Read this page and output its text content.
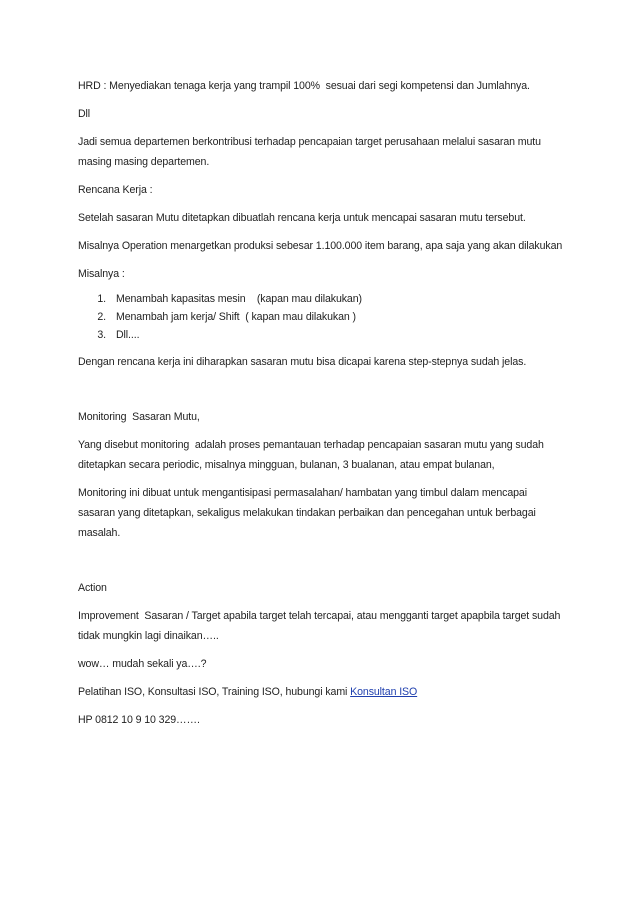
HRD : Menyediakan tenaga kerja yang trampil 100%  sesuai dari segi kompetensi dan Jumlahnya.

Dll

Jadi semua departemen berkontribusi terhadap pencapaian target perusahaan melalui sasaran mutu masing masing departemen.

Rencana Kerja :

Setelah sasaran Mutu ditetapkan dibuatlah rencana kerja untuk mencapai sasaran mutu tersebut.

Misalnya Operation menargetkan produksi sebesar 1.100.000 item barang, apa saja yang akan dilakukan

Misalnya :

1. Menambah kapasitas mesin    (kapan mau dilakukan)
2. Menambah jam kerja/ Shift  ( kapan mau dilakukan )
3. Dll....

Dengan rencana kerja ini diharapkan sasaran mutu bisa dicapai karena step-stepnya sudah jelas.

Monitoring  Sasaran Mutu,

Yang disebut monitoring  adalah proses pemantauan terhadap pencapaian sasaran mutu yang sudah ditetapkan secara periodic, misalnya mingguan, bulanan, 3 bualanan, atau empat bulanan,

Monitoring ini dibuat untuk mengantisipasi permasalahan/ hambatan yang timbul dalam mencapai sasaran yang ditetapkan, sekaligus melakukan tindakan perbaikan dan pencegahan untuk berbagai masalah.

Action

Improvement  Sasaran / Target apabila target telah tercapai, atau mengganti target apapbila target sudah tidak mungkin lagi dinaikan…..

wow… mudah sekali ya….?

Pelatihan ISO, Konsultasi ISO, Training ISO, hubungi kami Konsultan ISO

HP 0812 10 9 10 329…….
